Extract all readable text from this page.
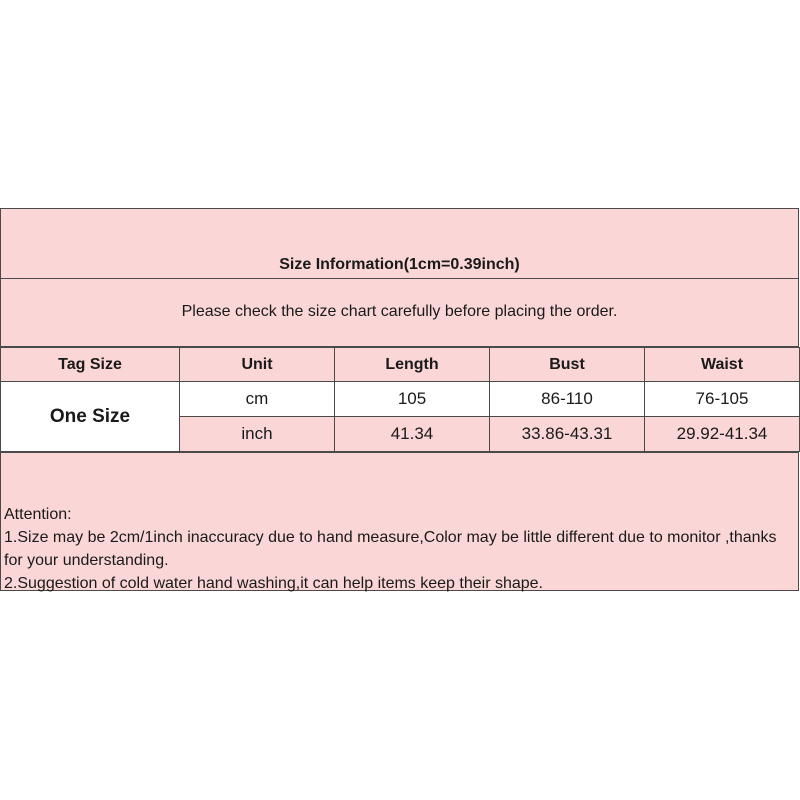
Size Information(1cm=0.39inch)
Please check the size chart carefully before placing the order.
Tag Size	Unit	Length	Bust	Waist
One Size	cm	105	86-110	76-105
	inch	41.34	33.86-43.31	29.92-41.34
Attention:
1.Size may be 2cm/1inch inaccuracy due to hand measure,Color may be little different due to monitor ,thanks for your understanding.
2.Suggestion of cold water hand washing,it can help items keep their shape.
